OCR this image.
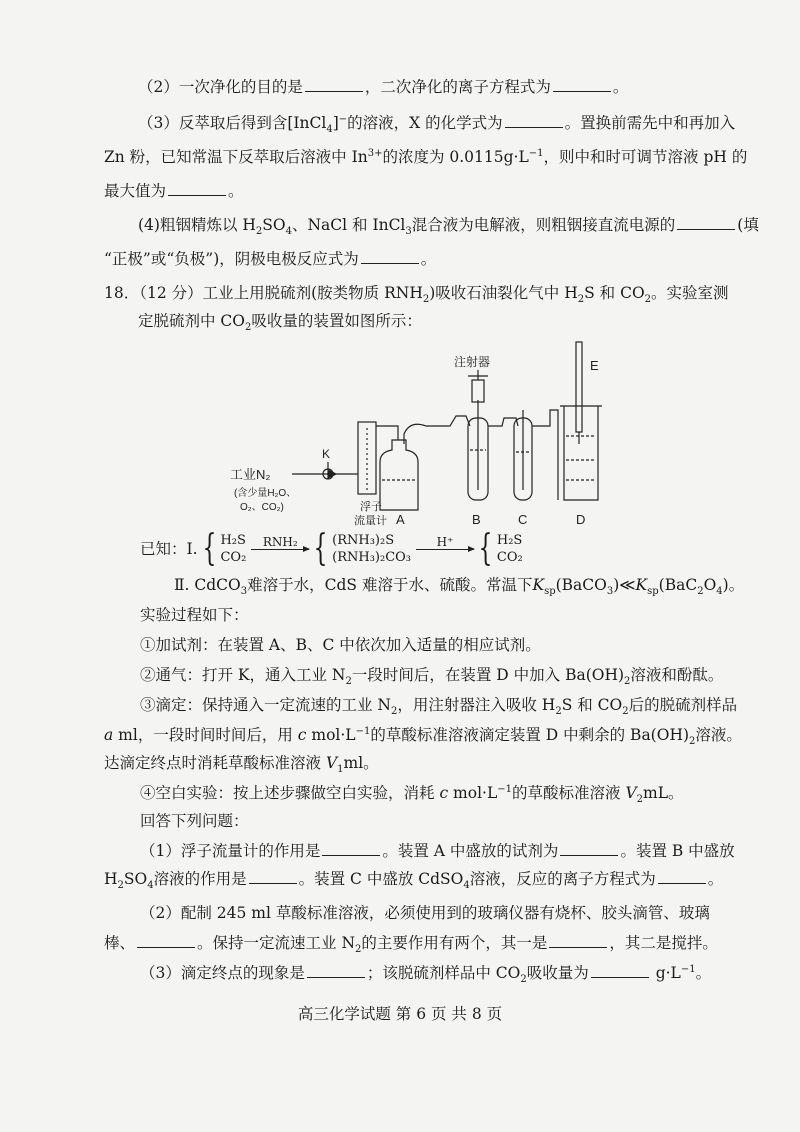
（2）一次净化的目的是	，二次净化的离子方程式为	。
（3）反萃取后得到含[InCl$_4$]−的溶液，X 的化学式为	。置换前需先中和再加入
Zn 粉，已知常温下反萃取后溶液中 $In^{3+}$的浓度为 $0.0115g\cdot L^{-1}$，则中和时可调节溶液 pH 的
最大值为	。
(4)粗铟精炼以 $H_2SO_4$、NaCl 和 InCl$_3$混合液为电解液，则粗铟接直流电源的	(填
“正极”或“负极”)，阴极电极反应式为	。
18．（12 分）工业上用脱硫剂(胺类物质 $RNH_2$)吸收石油裂化气中 $H_2S$ 和 $CO_2$。实验室测
定脱硫剂中 $CO_2$吸收量的装置如图所示：
工业N₂
(含少量H₂O、
O₂、CO₂)
K
浮子
流量计 A
注射器
B	C	D
E
已知：Ⅰ. { H₂S
CO₂ RNH₂ { (RNH₃)₂S
(RNH₃)₂CO₃ H⁺ { H₂S
CO₂
Ⅱ. CdCO$_3$难溶于水，CdS 难溶于水、硫酸。常温下$K_{sp}(BaCO_3)≪K_{sp}(BaC_2O_4)$。
实验过程如下：
①加试剂：在装置 A、B、C 中依次加入适量的相应试剂。
②通气：打开 K，通入工业 $N_2$一段时间后，在装置 D 中加入 $Ba(OH)_2$溶液和酚酞。
③滴定：保持通入一定流速的工业 $N_2$，用注射器注入吸收 $H_2S$ 和 $CO_2$后的脱硫剂样品
a ml，一段时间时间后，用 c $mol\cdot L^{-1}$的草酸标准溶液滴定装置 D 中剩余的 $Ba(OH)_2$溶液。
达滴定终点时消耗草酸标准溶液 $V_1ml$。
④空白实验：按上述步骤做空白实验，消耗 c $mol\cdot L^{-1}$的草酸标准溶液 $V_2mL$。
回答下列问题：
（1）浮子流量计的作用是	。装置 A 中盛放的试剂为	。装置 B 中盛放
$H_2SO_4$溶液的作用是	。装置 C 中盛放 CdSO$_4$溶液，反应的离子方程式为	。
（2）配制 245 ml 草酸标准溶液，必须使用到的玻璃仪器有烧杯、胶头滴管、玻璃
棒、	。保持一定流速工业 $N_2$的主要作用有两个，其一是	，其二是搅拌。
（3）滴定终点的现象是	；该脱硫剂样品中 $CO_2$吸收量为	$g\cdot L^{-1}$。
高三化学试题 第 6 页 共 8 页
